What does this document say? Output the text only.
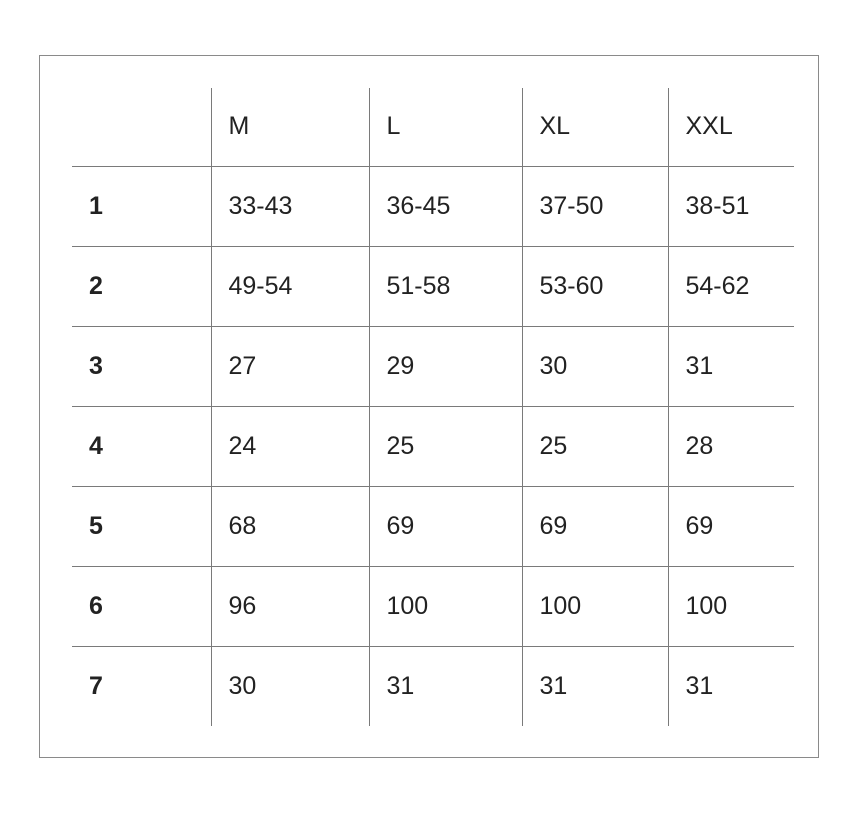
	M	L	XL	XXL
1	33-43	36-45	37-50	38-51
2	49-54	51-58	53-60	54-62
3	27	29	30	31
4	24	25	25	28
5	68	69	69	69
6	96	100	100	100
7	30	31	31	31
